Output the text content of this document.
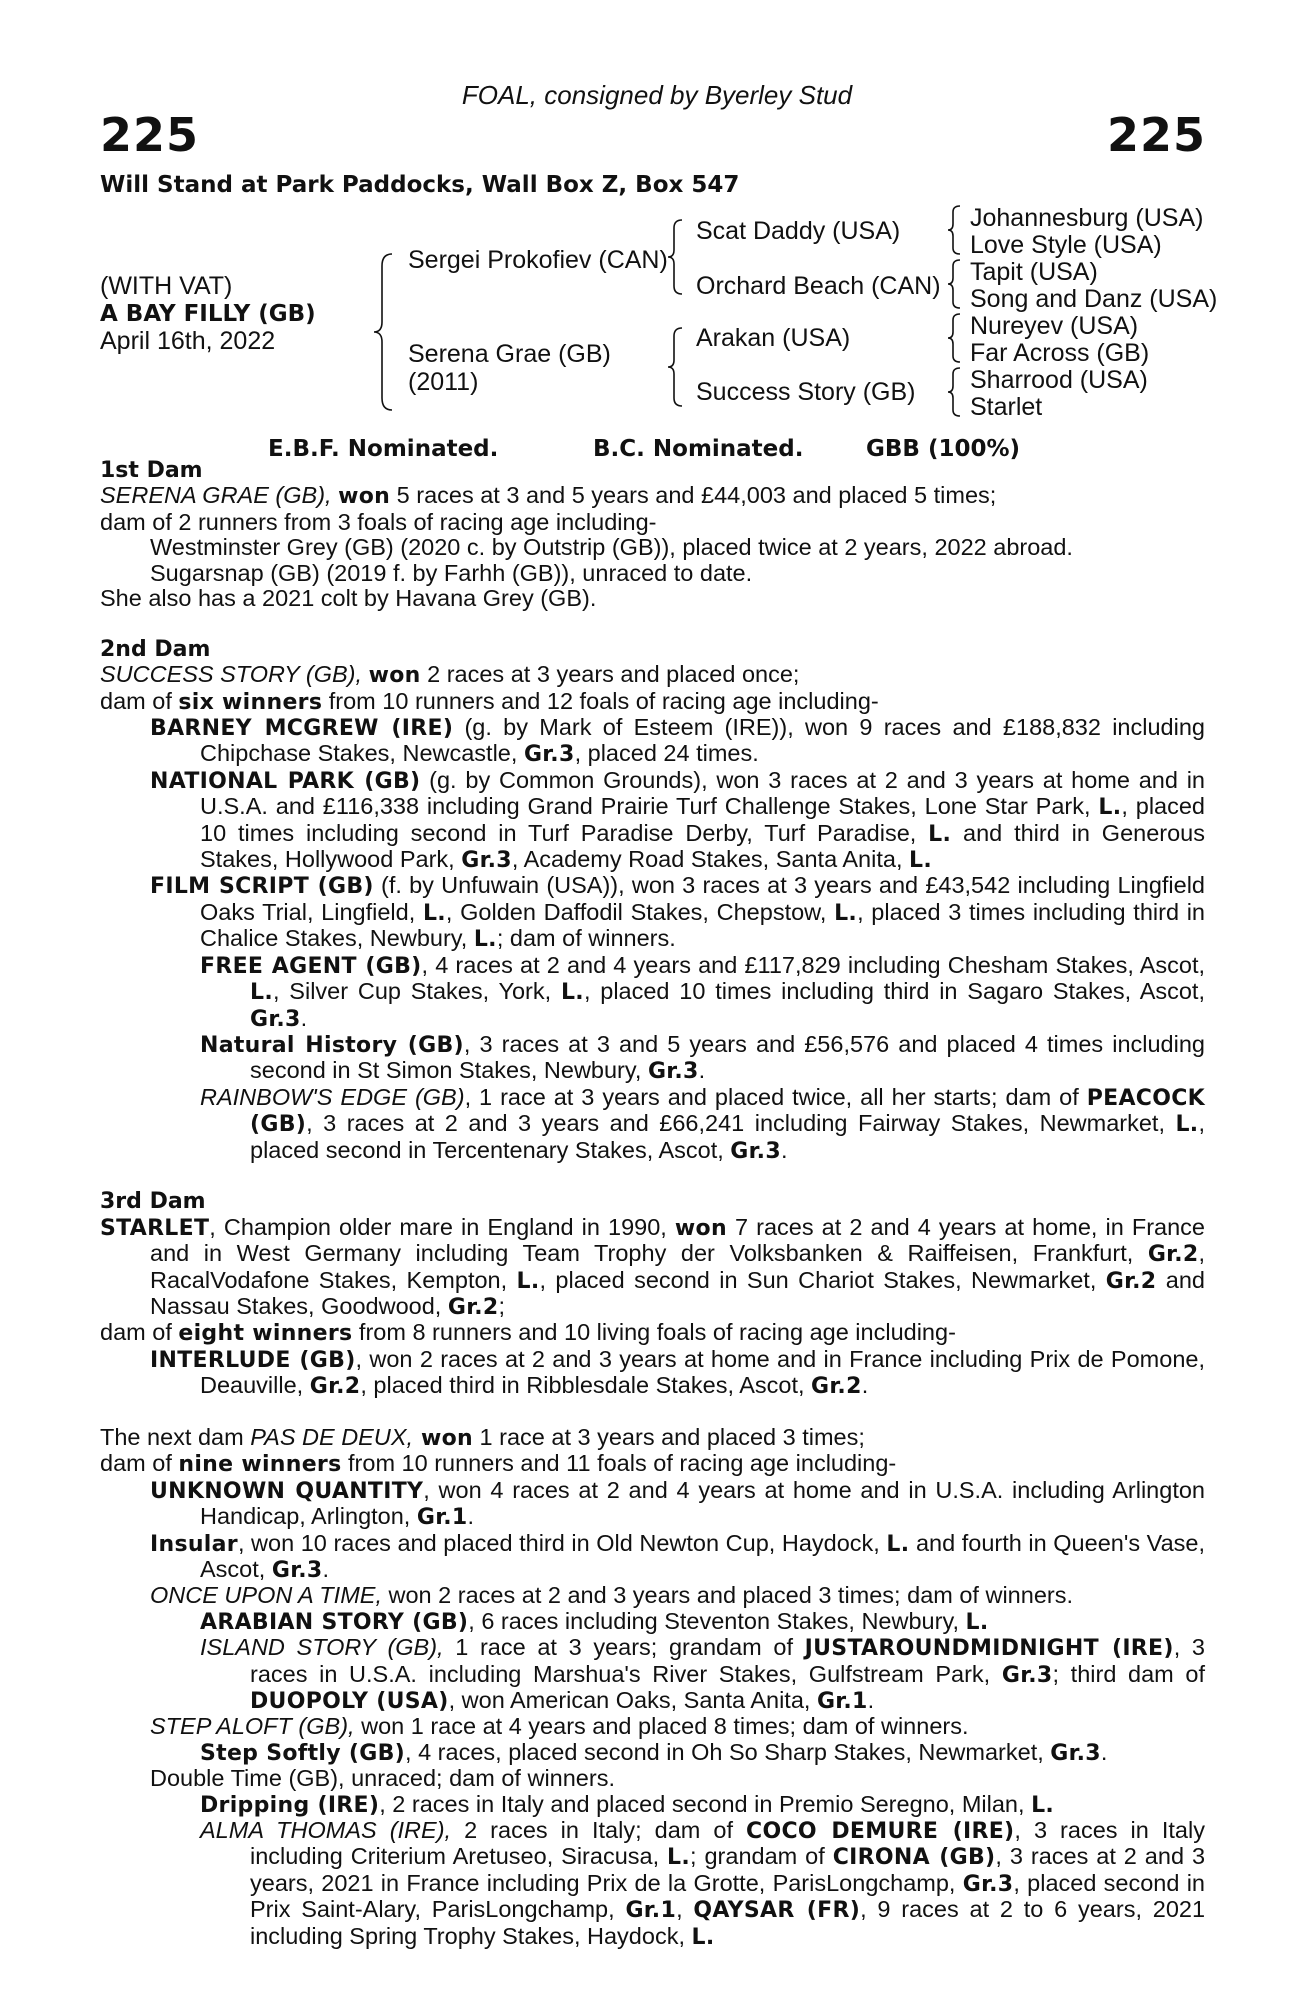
FOAL, consigned by Byerley Stud
225	225
Will Stand at Park Paddocks, Wall Box Z, Box 547
(WITH VAT)
A BAY FILLY (GB)
April 16th, 2022
Sergei Prokofiev (CAN)
Serena Grae (GB)
(2011)
Scat Daddy (USA)
Orchard Beach (CAN)
Arakan (USA)
Success Story (GB)
Johannesburg (USA)
Love Style (USA)
Tapit (USA)
Song and Danz (USA)
Nureyev (USA)
Far Across (GB)
Sharrood (USA)
Starlet
E.B.F. Nominated.	B.C. Nominated.	GBB (100%)

1st Dam

SERENA GRAE (GB), won 5 races at 3 and 5 years and £44,003 and placed 5 times;

dam of 2 runners from 3 foals of racing age including-

Westminster Grey (GB) (2020 c. by Outstrip (GB)), placed twice at 2 years, 2022 abroad.

Sugarsnap (GB) (2019 f. by Farhh (GB)), unraced to date.

She also has a 2021 colt by Havana Grey (GB).

2nd Dam

SUCCESS STORY (GB), won 2 races at 3 years and placed once;

dam of six winners from 10 runners and 12 foals of racing age including-

BARNEY MCGREW (IRE) (g. by Mark of Esteem (IRE)), won 9 races and £188,832 including Chipchase Stakes, Newcastle, Gr.3, placed 24 times.

NATIONAL PARK (GB) (g. by Common Grounds), won 3 races at 2 and 3 years at home and in U.S.A. and £116,338 including Grand Prairie Turf Challenge Stakes, Lone Star Park, L., placed 10 times including second in Turf Paradise Derby, Turf Paradise, L. and third in Generous Stakes, Hollywood Park, Gr.3, Academy Road Stakes, Santa Anita, L.

FILM SCRIPT (GB) (f. by Unfuwain (USA)), won 3 races at 3 years and £43,542 including Lingfield Oaks Trial, Lingfield, L., Golden Daffodil Stakes, Chepstow, L., placed 3 times including third in Chalice Stakes, Newbury, L.; dam of winners.

FREE AGENT (GB), 4 races at 2 and 4 years and £117,829 including Chesham Stakes, Ascot, L., Silver Cup Stakes, York, L., placed 10 times including third in Sagaro Stakes, Ascot, Gr.3.

Natural History (GB), 3 races at 3 and 5 years and £56,576 and placed 4 times including second in St Simon Stakes, Newbury, Gr.3.

RAINBOW'S EDGE (GB), 1 race at 3 years and placed twice, all her starts; dam of PEACOCK (GB), 3 races at 2 and 3 years and £66,241 including Fairway Stakes, Newmarket, L., placed second in Tercentenary Stakes, Ascot, Gr.3.

3rd Dam

STARLET, Champion older mare in England in 1990, won 7 races at 2 and 4 years at home, in France and in West Germany including Team Trophy der Volksbanken & Raiffeisen, Frankfurt, Gr.2, RacalVodafone Stakes, Kempton, L., placed second in Sun Chariot Stakes, Newmarket, Gr.2 and Nassau Stakes, Goodwood, Gr.2;

dam of eight winners from 8 runners and 10 living foals of racing age including-

INTERLUDE (GB), won 2 races at 2 and 3 years at home and in France including Prix de Pomone, Deauville, Gr.2, placed third in Ribblesdale Stakes, Ascot, Gr.2.

The next dam PAS DE DEUX, won 1 race at 3 years and placed 3 times;

dam of nine winners from 10 runners and 11 foals of racing age including-

UNKNOWN QUANTITY, won 4 races at 2 and 4 years at home and in U.S.A. including Arlington Handicap, Arlington, Gr.1.

Insular, won 10 races and placed third in Old Newton Cup, Haydock, L. and fourth in Queen's Vase, Ascot, Gr.3.

ONCE UPON A TIME, won 2 races at 2 and 3 years and placed 3 times; dam of winners.

ARABIAN STORY (GB), 6 races including Steventon Stakes, Newbury, L.

ISLAND STORY (GB), 1 race at 3 years; grandam of JUSTAROUNDMIDNIGHT (IRE), 3 races in U.S.A. including Marshua's River Stakes, Gulfstream Park, Gr.3; third dam of DUOPOLY (USA), won American Oaks, Santa Anita, Gr.1.

STEP ALOFT (GB), won 1 race at 4 years and placed 8 times; dam of winners.

Step Softly (GB), 4 races, placed second in Oh So Sharp Stakes, Newmarket, Gr.3.

Double Time (GB), unraced; dam of winners.

Dripping (IRE), 2 races in Italy and placed second in Premio Seregno, Milan, L.

ALMA THOMAS (IRE), 2 races in Italy; dam of COCO DEMURE (IRE), 3 races in Italy including Criterium Aretuseo, Siracusa, L.; grandam of CIRONA (GB), 3 races at 2 and 3 years, 2021 in France including Prix de la Grotte, ParisLongchamp, Gr.3, placed second in Prix Saint-Alary, ParisLongchamp, Gr.1, QAYSAR (FR), 9 races at 2 to 6 years, 2021 including Spring Trophy Stakes, Haydock, L.
